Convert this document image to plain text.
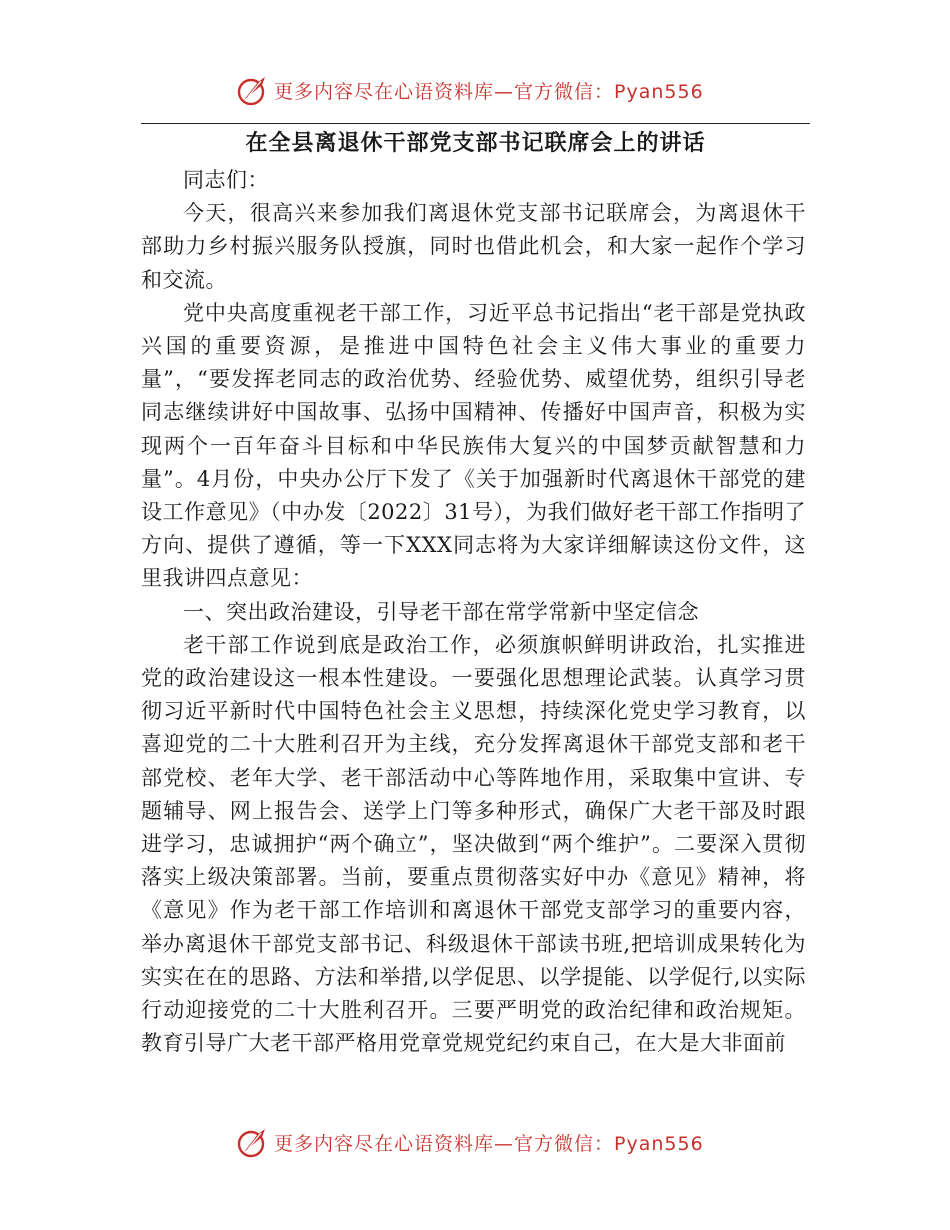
更多内容尽在心语资料库—官方微信：Pyan556
在全县离退休干部党支部书记联席会上的讲话

同志们：

今天，很高兴来参加我们离退休党支部书记联席会，为离退休干部助力乡村振兴服务队授旗，同时也借此机会，和大家一起作个学习和交流。

党中央高度重视老干部工作，习近平总书记指出“老干部是党执政兴国的重要资源，是推进中国特色社会主义伟大事业的重要力量”，“要发挥老同志的政治优势、经验优势、威望优势，组织引导老同志继续讲好中国故事、弘扬中国精神、传播好中国声音，积极为实现两个一百年奋斗目标和中华民族伟大复兴的中国梦贡献智慧和力量”。4月份，中央办公厅下发了《关于加强新时代离退休干部党的建设工作意见》（中办发〔2022〕31号），为我们做好老干部工作指明了方向、提供了遵循，等一下XXX同志将为大家详细解读这份文件，这里我讲四点意见：

一、突出政治建设，引导老干部在常学常新中坚定信念

老干部工作说到底是政治工作，必须旗帜鲜明讲政治，扎实推进党的政治建设这一根本性建设。一要强化思想理论武装。认真学习贯彻习近平新时代中国特色社会主义思想，持续深化党史学习教育，以喜迎党的二十大胜利召开为主线，充分发挥离退休干部党支部和老干部党校、老年大学、老干部活动中心等阵地作用，采取集中宣讲、专题辅导、网上报告会、送学上门等多种形式，确保广大老干部及时跟进学习，忠诚拥护“两个确立”，坚决做到“两个维护”。二要深入贯彻落实上级决策部署。当前，要重点贯彻落实好中办《意见》精神，将《意见》作为老干部工作培训和离退休干部党支部学习的重要内容，举办离退休干部党支部书记、科级退休干部读书班,把培训成果转化为实实在在的思路、方法和举措,以学促思、以学提能、以学促行,以实际行动迎接党的二十大胜利召开。三要严明党的政治纪律和政治规矩。教育引导广大老干部严格用党章党规党纪约束自己，在大是大非面前

更多内容尽在心语资料库—官方微信：Pyan556
